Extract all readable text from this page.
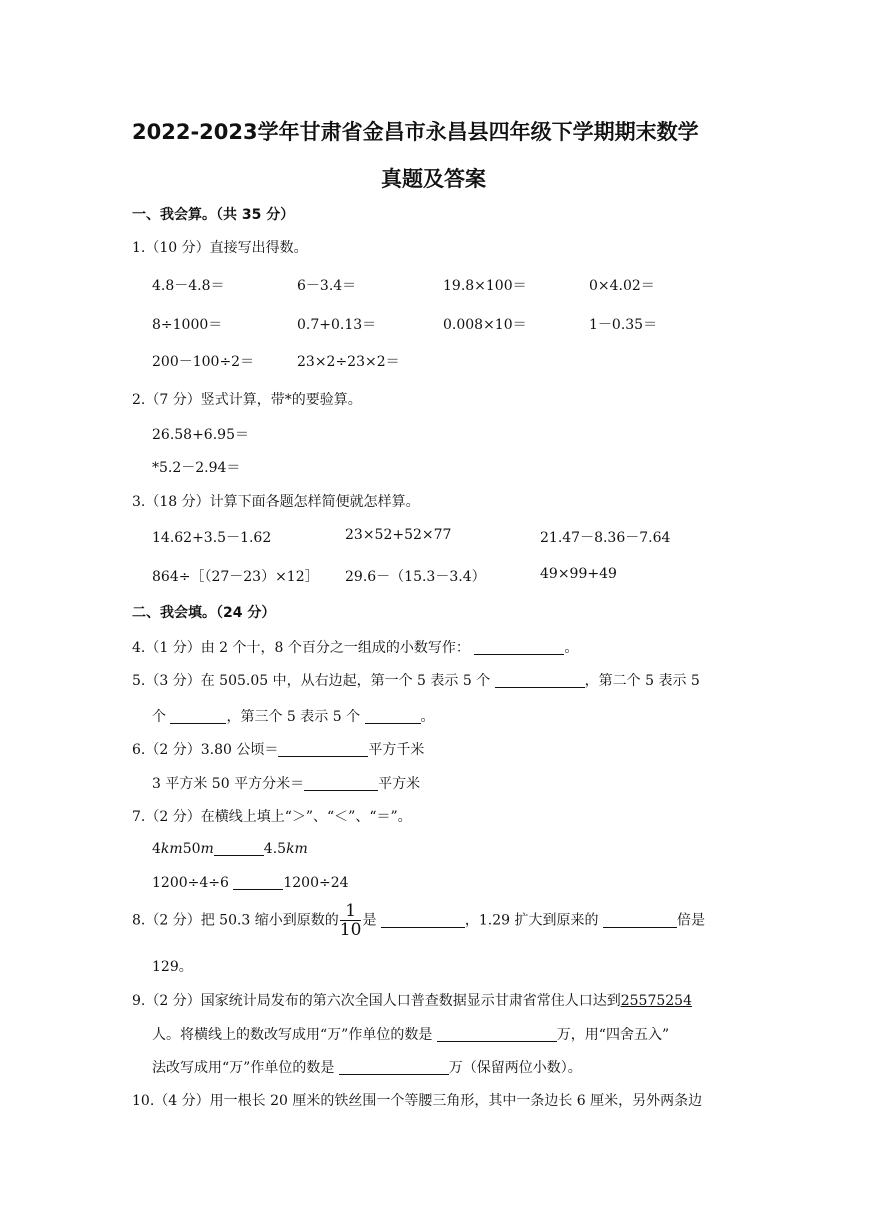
2022-2023学年甘肃省金昌市永昌县四年级下学期期末数学
真题及答案
一、我会算。（共 35 分）
1.（10 分）直接写出得数。
4.8－4.8＝	6－3.4＝	19.8×100＝	0×4.02＝
8÷1000＝	0.7+0.13＝	0.008×10＝	1－0.35＝
200－100÷2＝	23×2÷23×2＝
2.（7 分）竖式计算，带*的要验算。
26.58+6.95＝
*5.2－2.94＝
3.（18 分）计算下面各题怎样简便就怎样算。
14.62+3.5－1.62	23×52+52×77	21.47－8.36－7.64
864÷［（27－23）×12］ 29.6－（15.3－3.4）	49×99+49
二、我会填。（24 分）
4.（1 分）由 2 个十，8 个百分之一组成的小数写作：	。
5.（3 分）在 505.05 中，从右边起，第一个 5 表示 5 个	，第二个 5 表示 5
个	，第三个 5 表示 5 个	。
6.（2 分）3.80 公顷＝	平方千米
3 平方米 50 平方分米＝	平方米
7.（2 分）在横线上填上“＞”、“＜”、“＝”。
4km50m	4.5km
1200÷4÷6	1200÷24
8.（2 分）把 50.3 缩小到原数的 $\frac{1}{10}$ 是	，1.29 扩大到原来的	倍是
129。
9.（2 分）国家统计局发布的第六次全国人口普查数据显示甘肃省常住人口达到25575254
人。将横线上的数改写成用“万”作单位的数是	万，用“四舍五入”
法改写成用“万”作单位的数是	万（保留两位小数）。
10.（4 分）用一根长 20 厘米的铁丝围一个等腰三角形，其中一条边长 6 厘米，另外两条边
